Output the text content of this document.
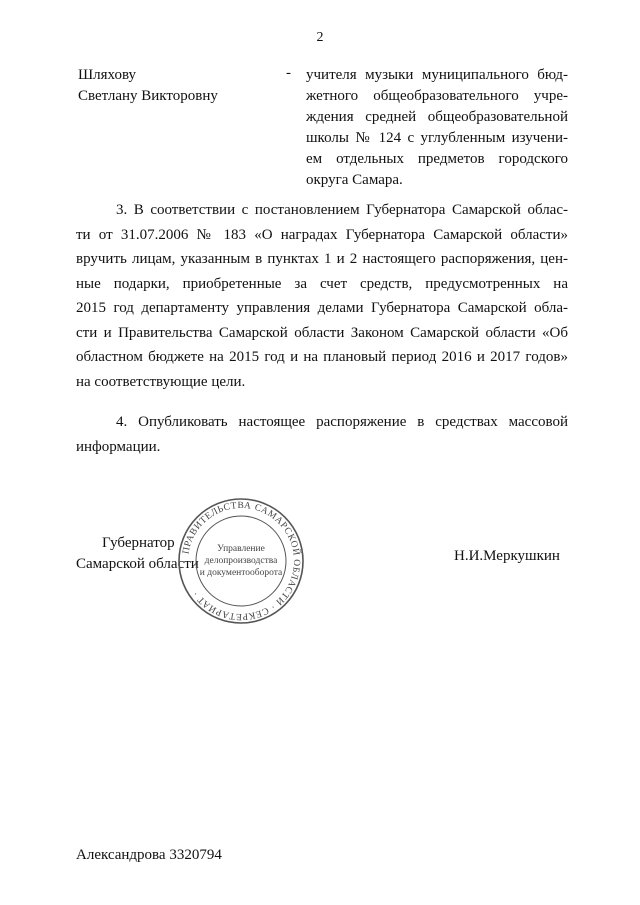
2
Шляхову
Светлану Викторовну
- учителя музыки муниципального бюд-
жетного общеобразовательного учре-
ждения средней общеобразовательной
школы № 124 с углубленным изучени-
ем отдельных предметов городского
округа Самара.
3. В соответствии с постановлением Губернатора Самарской облас-
ти от 31.07.2006 № 183 «О наградах Губернатора Самарской области»
вручить лицам, указанным в пунктах 1 и 2 настоящего распоряжения, цен-
ные подарки, приобретенные за счет средств, предусмотренных на
2015 год департаменту управления делами Губернатора Самарской обла-
сти и Правительства Самарской области Законом Самарской области «Об
областном бюджете на 2015 год и на плановый период 2016 и 2017 годов»
на соответствующие цели.
4. Опубликовать настоящее распоряжение в средствах массовой
информации.
Губернатор
Самарской области	Н.И.Меркушкин
ПРАВИТЕЛЬСТВА САМАРСКОЙ ОБЛАСТИ · СЕКРЕТАРИАТ ·
Управление
делопроизводства
и документооборота
Александрова 3320794
